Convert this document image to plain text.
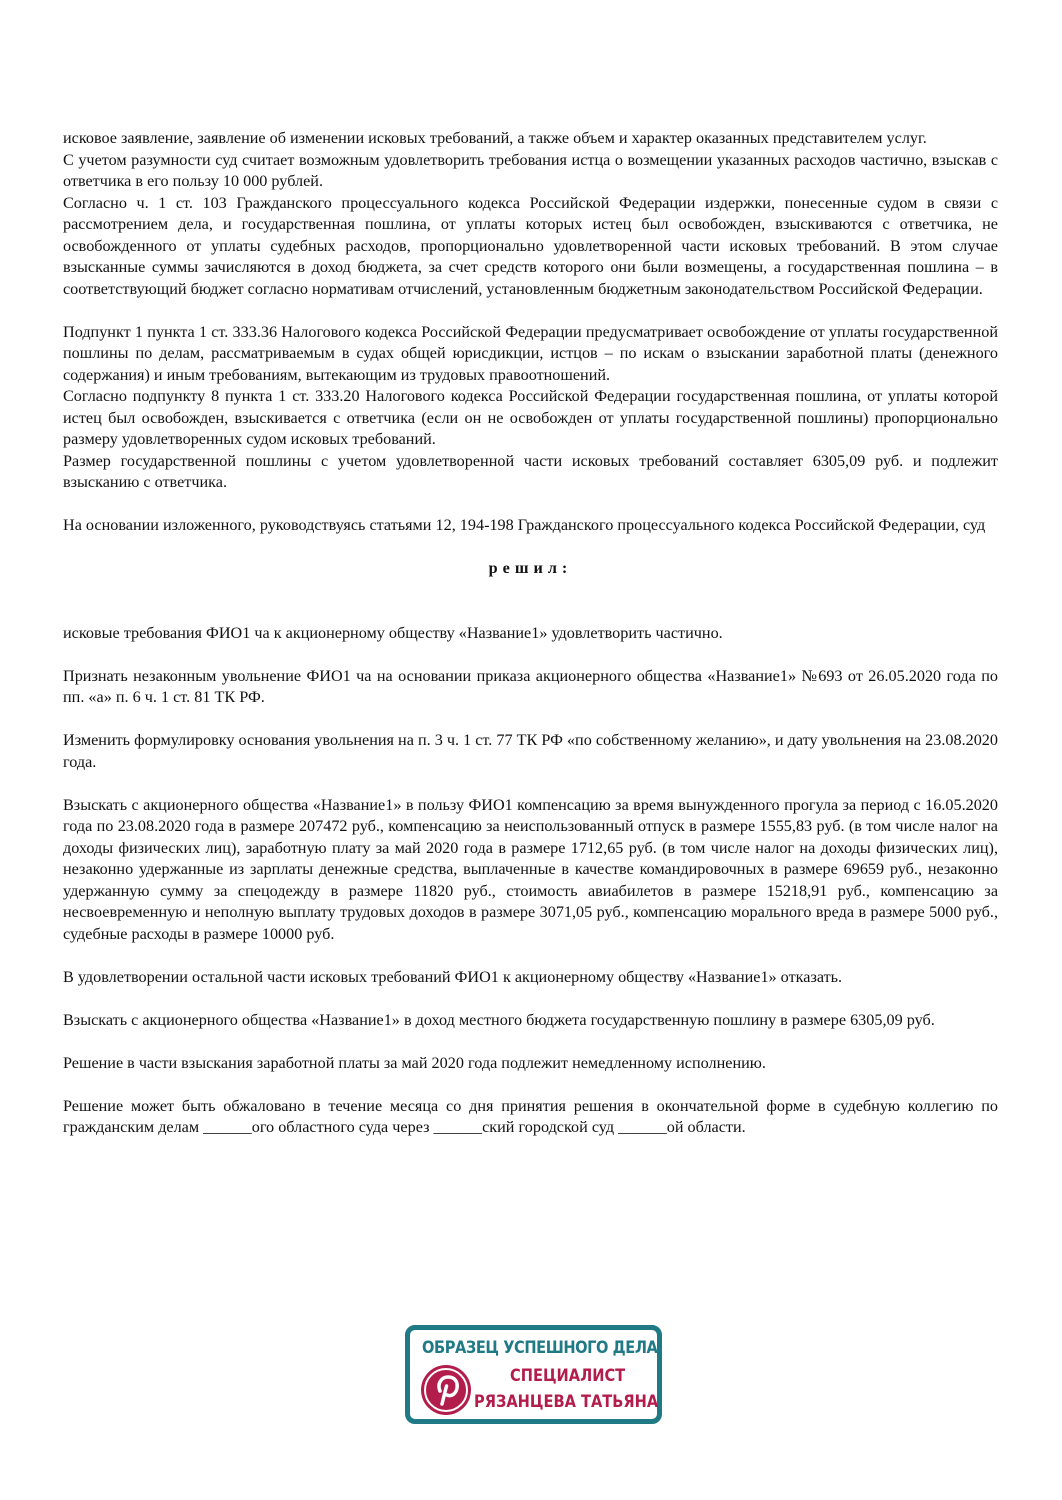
исковое заявление, заявление об изменении исковых требований, а также объем и характер оказанных представителем услуг.

С учетом разумности суд считает возможным удовлетворить требования истца о возмещении указанных расходов частично, взыскав с ответчика в его пользу 10 000 рублей.

Согласно ч. 1 ст. 103 Гражданского процессуального кодекса Российской Федерации издержки, понесенные судом в связи с рассмотрением дела, и государственная пошлина, от уплаты которых истец был освобожден, взыскиваются с ответчика, не освобожденного от уплаты судебных расходов, пропорционально удовлетворенной части исковых требований. В этом случае взысканные суммы зачисляются в доход бюджета, за счет средств которого они были возмещены, а государственная пошлина – в соответствующий бюджет согласно нормативам отчислений, установленным бюджетным законодательством Российской Федерации.

Подпункт 1 пункта 1 ст. 333.36 Налогового кодекса Российской Федерации предусматривает освобождение от уплаты государственной пошлины по делам, рассматриваемым в судах общей юрисдикции, истцов – по искам о взыскании заработной платы (денежного содержания) и иным требованиям, вытекающим из трудовых правоотношений.

Согласно подпункту 8 пункта 1 ст. 333.20 Налогового кодекса Российской Федерации государственная пошлина, от уплаты которой истец был освобожден, взыскивается с ответчика (если он не освобожден от уплаты государственной пошлины) пропорционально размеру удовлетворенных судом исковых требований.

Размер государственной пошлины с учетом удовлетворенной части исковых требований составляет 6305,09 руб. и подлежит взысканию с ответчика.

На основании изложенного, руководствуясь статьями 12, 194-198 Гражданского процессуального кодекса Российской Федерации, суд

решил:

исковые требования ФИО1 ча к акционерному обществу «Название1» удовлетворить частично.

Признать незаконным увольнение ФИО1 ча на основании приказа акционерного общества «Название1» №693 от 26.05.2020 года по пп. «а» п. 6 ч. 1 ст. 81 ТК РФ.

Изменить формулировку основания увольнения на п. 3 ч. 1 ст. 77 ТК РФ «по собственному желанию», и дату увольнения на 23.08.2020 года.

Взыскать с акционерного общества «Название1» в пользу ФИО1 компенсацию за время вынужденного прогула за период с 16.05.2020 года по 23.08.2020 года в размере 207472 руб., компенсацию за неиспользованный отпуск в размере 1555,83 руб. (в том числе налог на доходы физических лиц), заработную плату за май 2020 года в размере 1712,65 руб. (в том числе налог на доходы физических лиц), незаконно удержанные из зарплаты денежные средства, выплаченные в качестве командировочных в размере 69659 руб., незаконно удержанную сумму за спецодежду в размере 11820 руб., стоимость авиабилетов в размере 15218,91 руб., компенсацию за несвоевременную и неполную выплату трудовых доходов в размере 3071,05 руб., компенсацию морального вреда в размере 5000 руб., судебные расходы в размере 10000 руб.

В удовлетворении остальной части исковых требований ФИО1 к акционерному обществу «Название1» отказать.

Взыскать с акционерного общества «Название1» в доход местного бюджета государственную пошлину в размере 6305,09 руб.

Решение в части взыскания заработной платы за май 2020 года подлежит немедленному исполнению.

Решение может быть обжаловано в течение месяца со дня принятия решения в окончательной форме в судебную коллегию по гражданским делам ______ого областного суда через ______ский городской суд ______ой области.

ОБРАЗЕЦ УСПЕШНОГО ДЕЛА
СПЕЦИАЛИСТ
РЯЗАНЦЕВА ТАТЬЯНА
